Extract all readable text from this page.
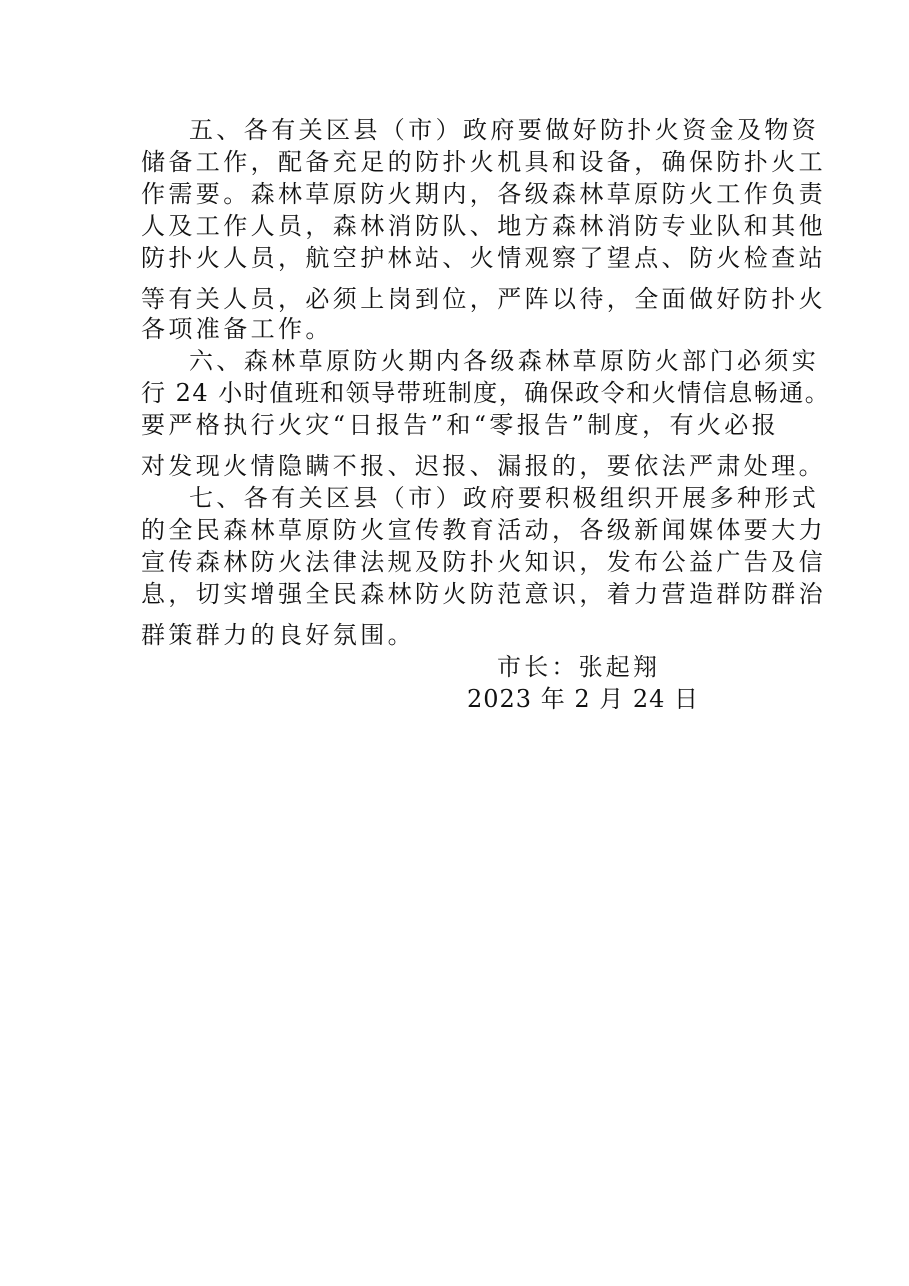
五、各有关区县（市）政府要做好防扑火资金及物资
储备工作，配备充足的防扑火机具和设备，确保防扑火工
作需要。森林草原防火期内，各级森林草原防火工作负责
人及工作人员，森林消防队、地方森林消防专业队和其他
防扑火人员，航空护林站、火情观察了望点、防火检查站
等有关人员，必须上岗到位，严阵以待，全面做好防扑火
各项准备工作。
六、森林草原防火期内各级森林草原防火部门必须实
行 24 小时值班和领导带班制度，确保政令和火情信息畅通。
要严格执行火灾“日报告”和“零报告”制度，有火必报
对发现火情隐瞒不报、迟报、漏报的，要依法严肃处理。
七、各有关区县（市）政府要积极组织开展多种形式
的全民森林草原防火宣传教育活动，各级新闻媒体要大力
宣传森林防火法律法规及防扑火知识，发布公益广告及信
息，切实增强全民森林防火防范意识，着力营造群防群治
群策群力的良好氛围。
市长：张起翔
2023 年 2 月 24 日
